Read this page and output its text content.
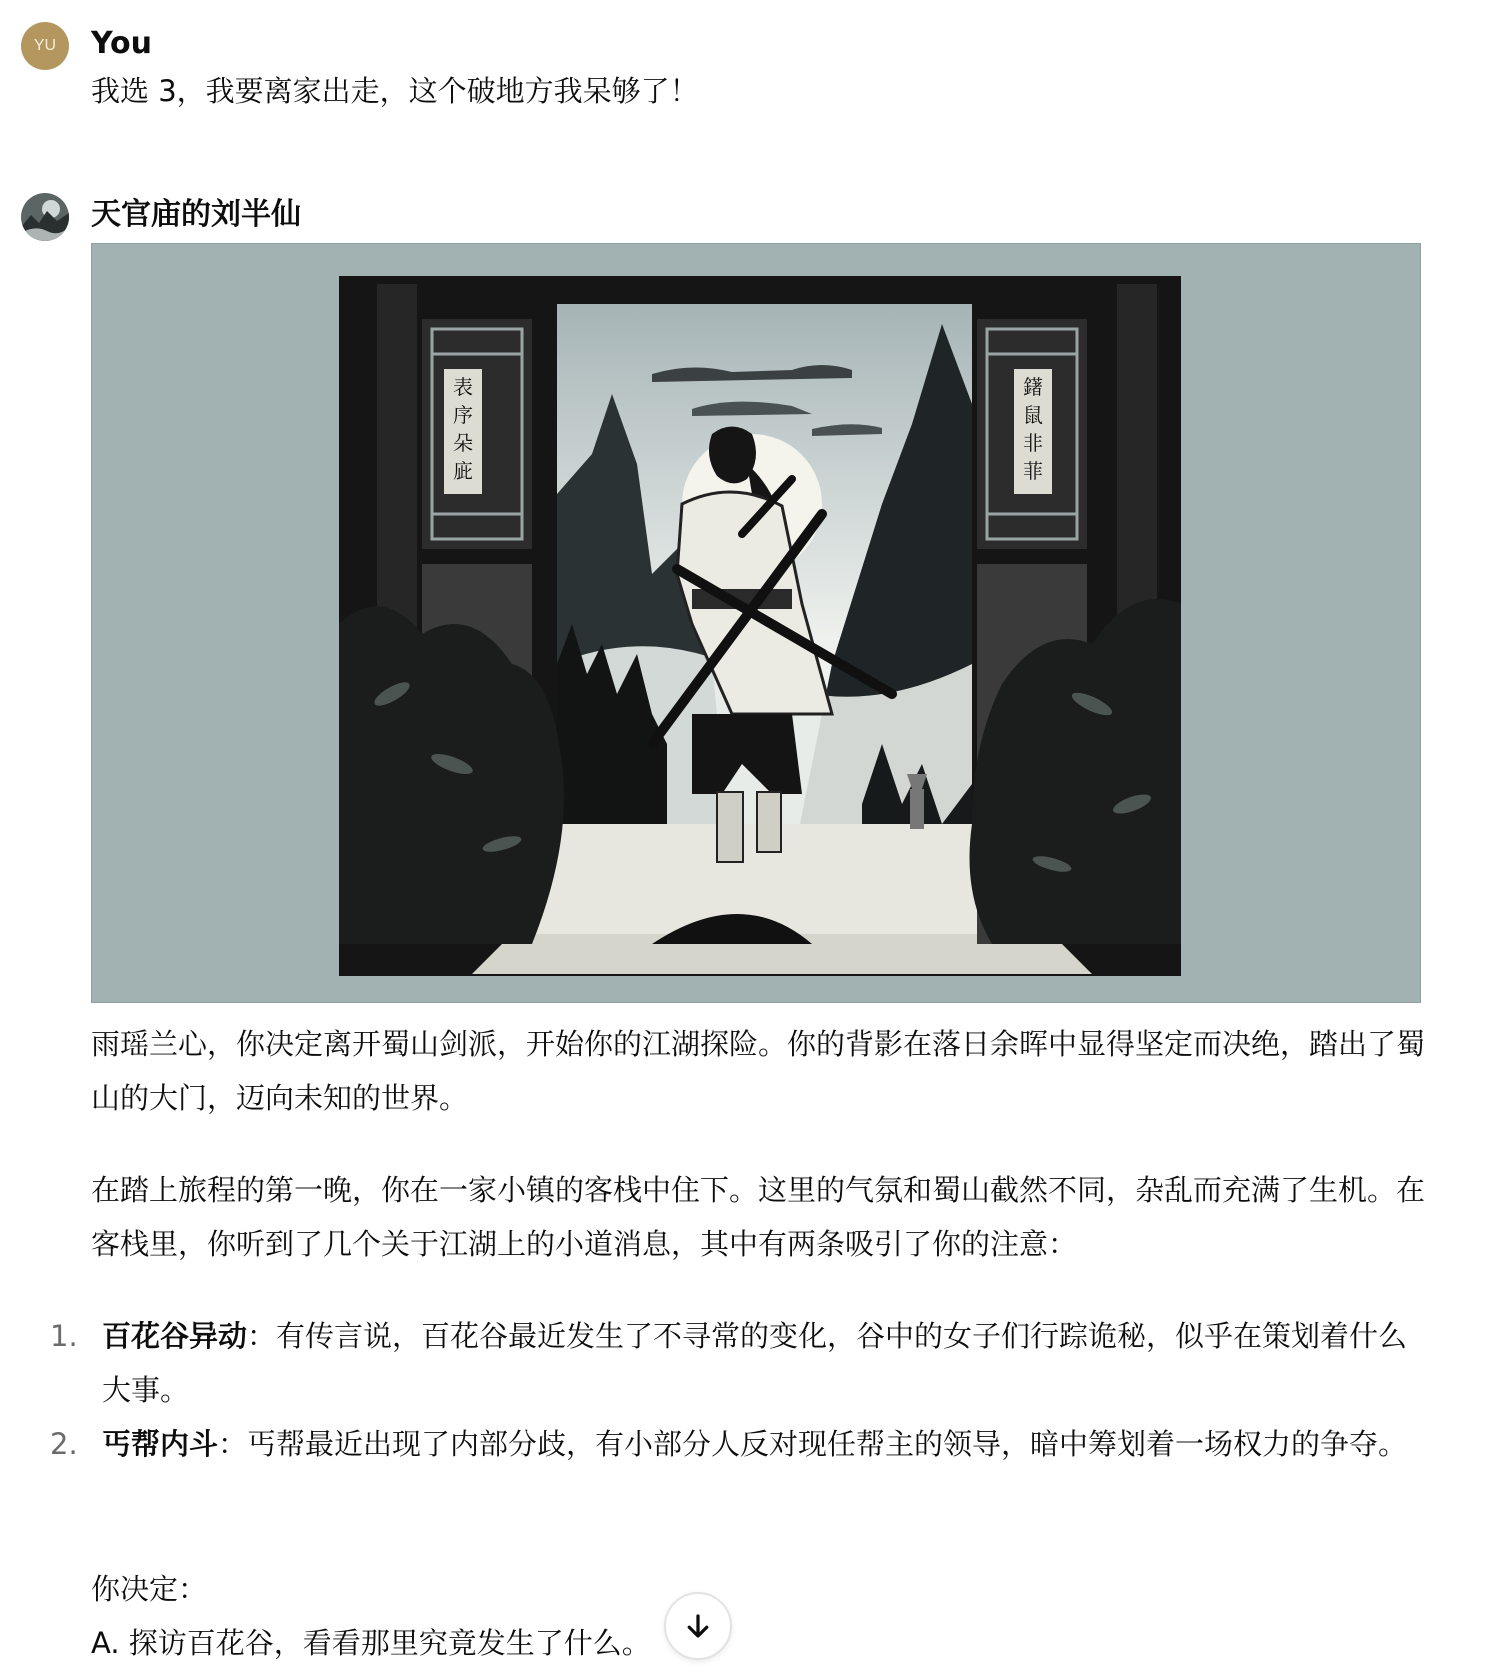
YU You
我选 3，我要离家出走，这个破地方我呆够了！
天官庙的刘半仙
表
序
朵
庛
鐯
鼠
非
菲

雨瑶兰心，你决定离开蜀山剑派，开始你的江湖探险。你的背影在落日余晖中显得坚定而决绝，踏出了蜀山的大门，迈向未知的世界。

在踏上旅程的第一晚，你在一家小镇的客栈中住下。这里的气氛和蜀山截然不同，杂乱而充满了生机。在客栈里，你听到了几个关于江湖上的小道消息，其中有两条吸引了你的注意：

1. 百花谷异动：有传言说，百花谷最近发生了不寻常的变化，谷中的女子们行踪诡秘，似乎在策划着什么大事。
2. 丐帮内斗：丐帮最近出现了内部分歧，有小部分人反对现任帮主的领导，暗中筹划着一场权力的争夺。
你决定：
A. 探访百花谷，看看那里究竟发生了什么。
